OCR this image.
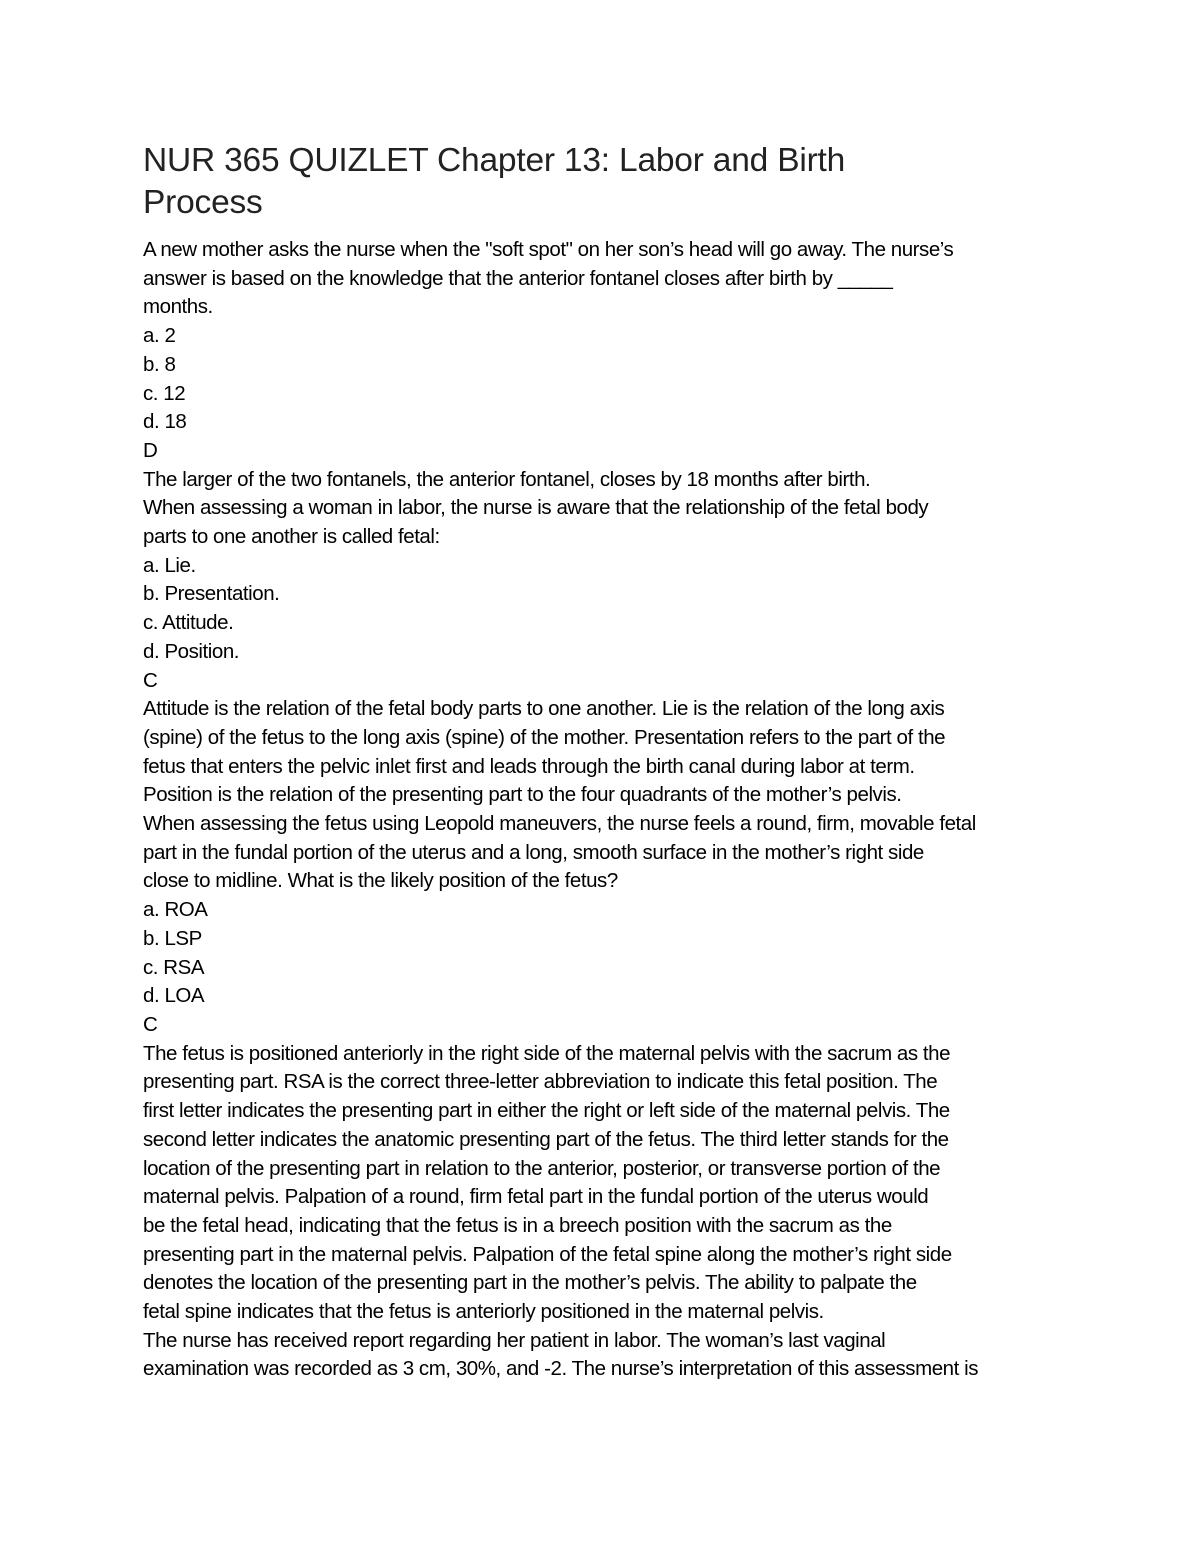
NUR 365 QUIZLET Chapter 13: Labor and Birth
Process
A new mother asks the nurse when the "soft spot" on her son’s head will go away. The nurse’s
answer is based on the knowledge that the anterior fontanel closes after birth by _____
months.
a. 2
b. 8
c. 12
d. 18
D
The larger of the two fontanels, the anterior fontanel, closes by 18 months after birth.
When assessing a woman in labor, the nurse is aware that the relationship of the fetal body
parts to one another is called fetal:
a. Lie.
b. Presentation.
c. Attitude.
d. Position.
C
Attitude is the relation of the fetal body parts to one another. Lie is the relation of the long axis
(spine) of the fetus to the long axis (spine) of the mother. Presentation refers to the part of the
fetus that enters the pelvic inlet first and leads through the birth canal during labor at term.
Position is the relation of the presenting part to the four quadrants of the mother’s pelvis.
When assessing the fetus using Leopold maneuvers, the nurse feels a round, firm, movable fetal
part in the fundal portion of the uterus and a long, smooth surface in the mother’s right side
close to midline. What is the likely position of the fetus?
a. ROA
b. LSP
c. RSA
d. LOA
C
The fetus is positioned anteriorly in the right side of the maternal pelvis with the sacrum as the
presenting part. RSA is the correct three-letter abbreviation to indicate this fetal position. The
first letter indicates the presenting part in either the right or left side of the maternal pelvis. The
second letter indicates the anatomic presenting part of the fetus. The third letter stands for the
location of the presenting part in relation to the anterior, posterior, or transverse portion of the
maternal pelvis. Palpation of a round, firm fetal part in the fundal portion of the uterus would
be the fetal head, indicating that the fetus is in a breech position with the sacrum as the
presenting part in the maternal pelvis. Palpation of the fetal spine along the mother’s right side
denotes the location of the presenting part in the mother’s pelvis. The ability to palpate the
fetal spine indicates that the fetus is anteriorly positioned in the maternal pelvis.
The nurse has received report regarding her patient in labor. The woman’s last vaginal
examination was recorded as 3 cm, 30%, and -2. The nurse’s interpretation of this assessment is
